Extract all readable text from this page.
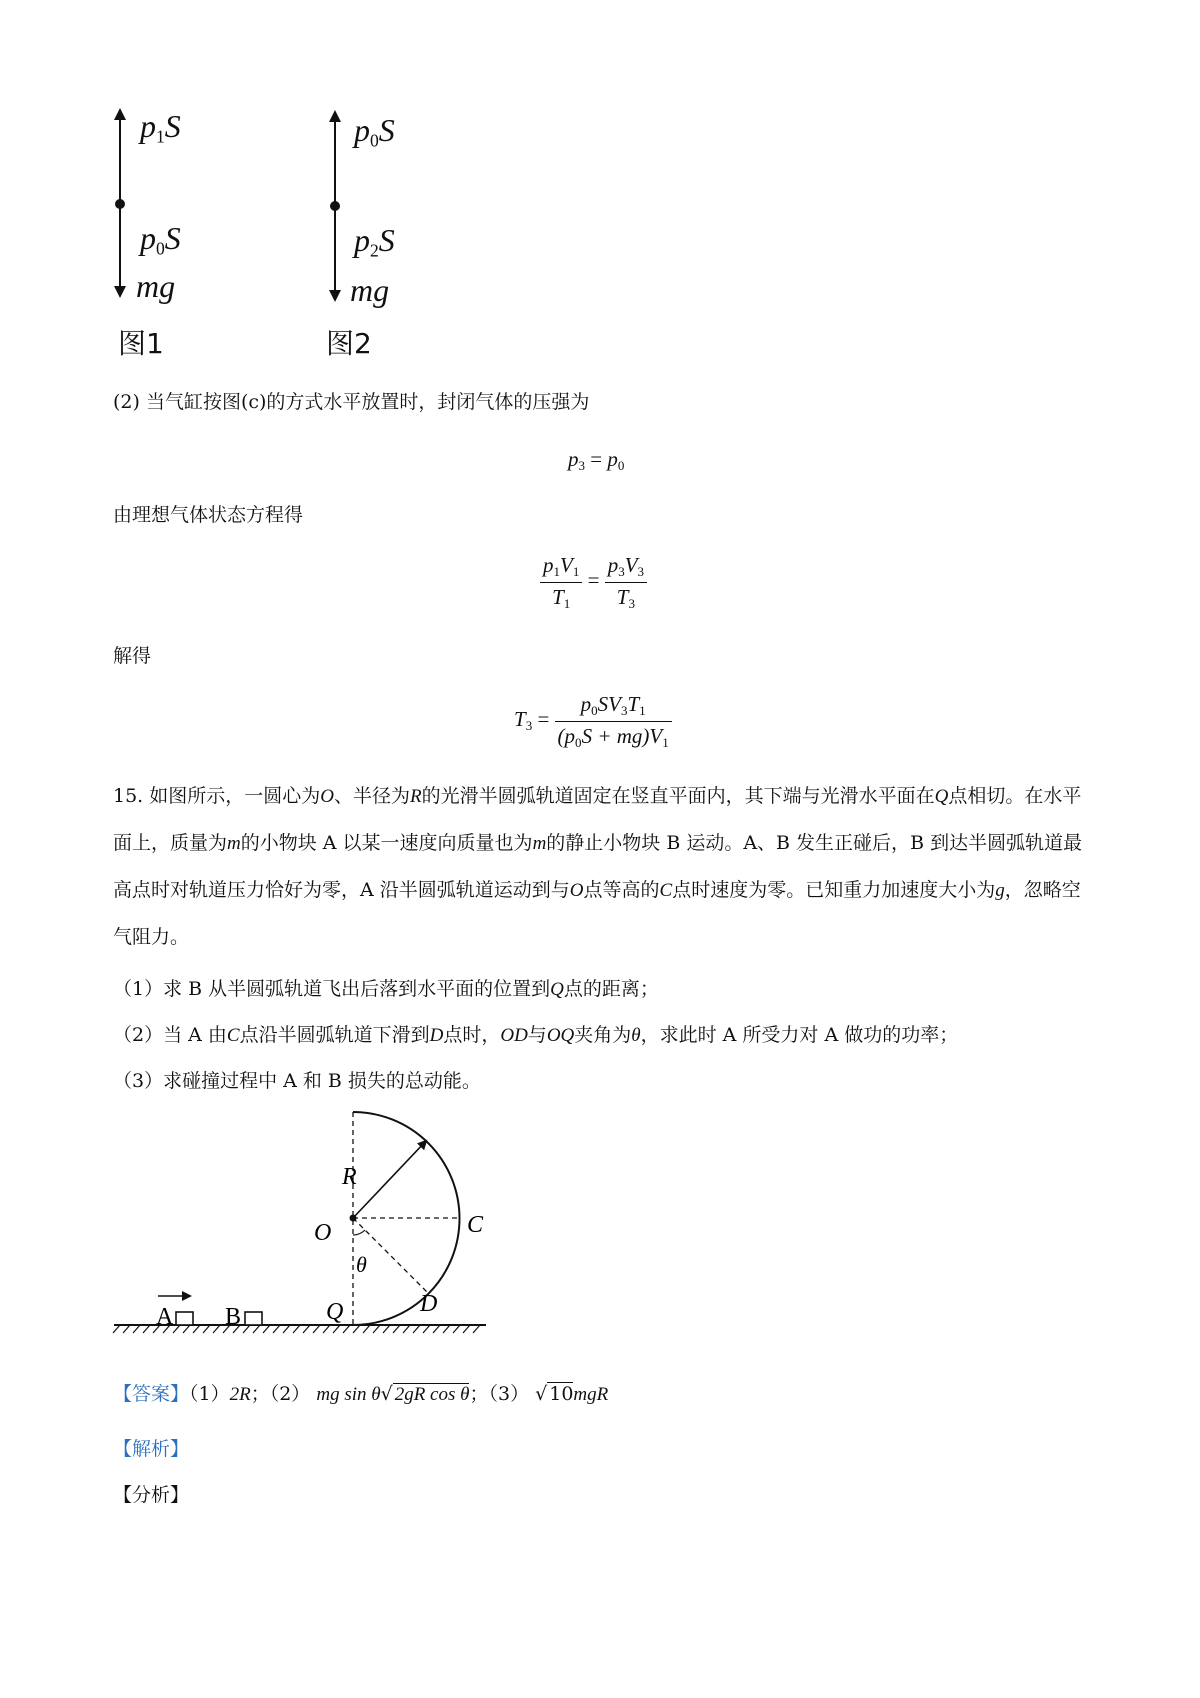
$p_1S$
$p_0S$
mg
图1
$p_0S$
$p_2S$
mg
图2
(2) 当气缸按图(c)的方式水平放置时，封闭气体的压强为
$p_3 = p_0$
由理想气体状态方程得
$\frac{p_1V_1}{T_1} = \frac{p_3V_3}{T_3}$
解得
$T_3 = \frac{p_0SV_3T_1}{(p_0S + mg)V_1}$
15. 如图所示，一圆心为O、半径为R的光滑半圆弧轨道固定在竖直平面内，其下端与光滑水平面在Q点相切。在水平面上，质量为m的小物块 A 以某一速度向质量也为m的静止小物块 B 运动。A、B 发生正碰后，B 到达半圆弧轨道最高点时对轨道压力恰好为零，A 沿半圆弧轨道运动到与O点等高的C点时速度为零。已知重力加速度大小为g，忽略空气阻力。
（1）求 B 从半圆弧轨道飞出后落到水平面的位置到Q点的距离；
（2）当 A 由C点沿半圆弧轨道下滑到D点时，OD与OQ夹角为θ，求此时 A 所受力对 A 做功的功率；
（3）求碰撞过程中 A 和 B 损失的总动能。
R
O	C
θ
D
Q
A B
【答案】（1）2R；（2） mg sin θ√ 2gR cos θ；（3） √ 10mgR
【解析】
【分析】
